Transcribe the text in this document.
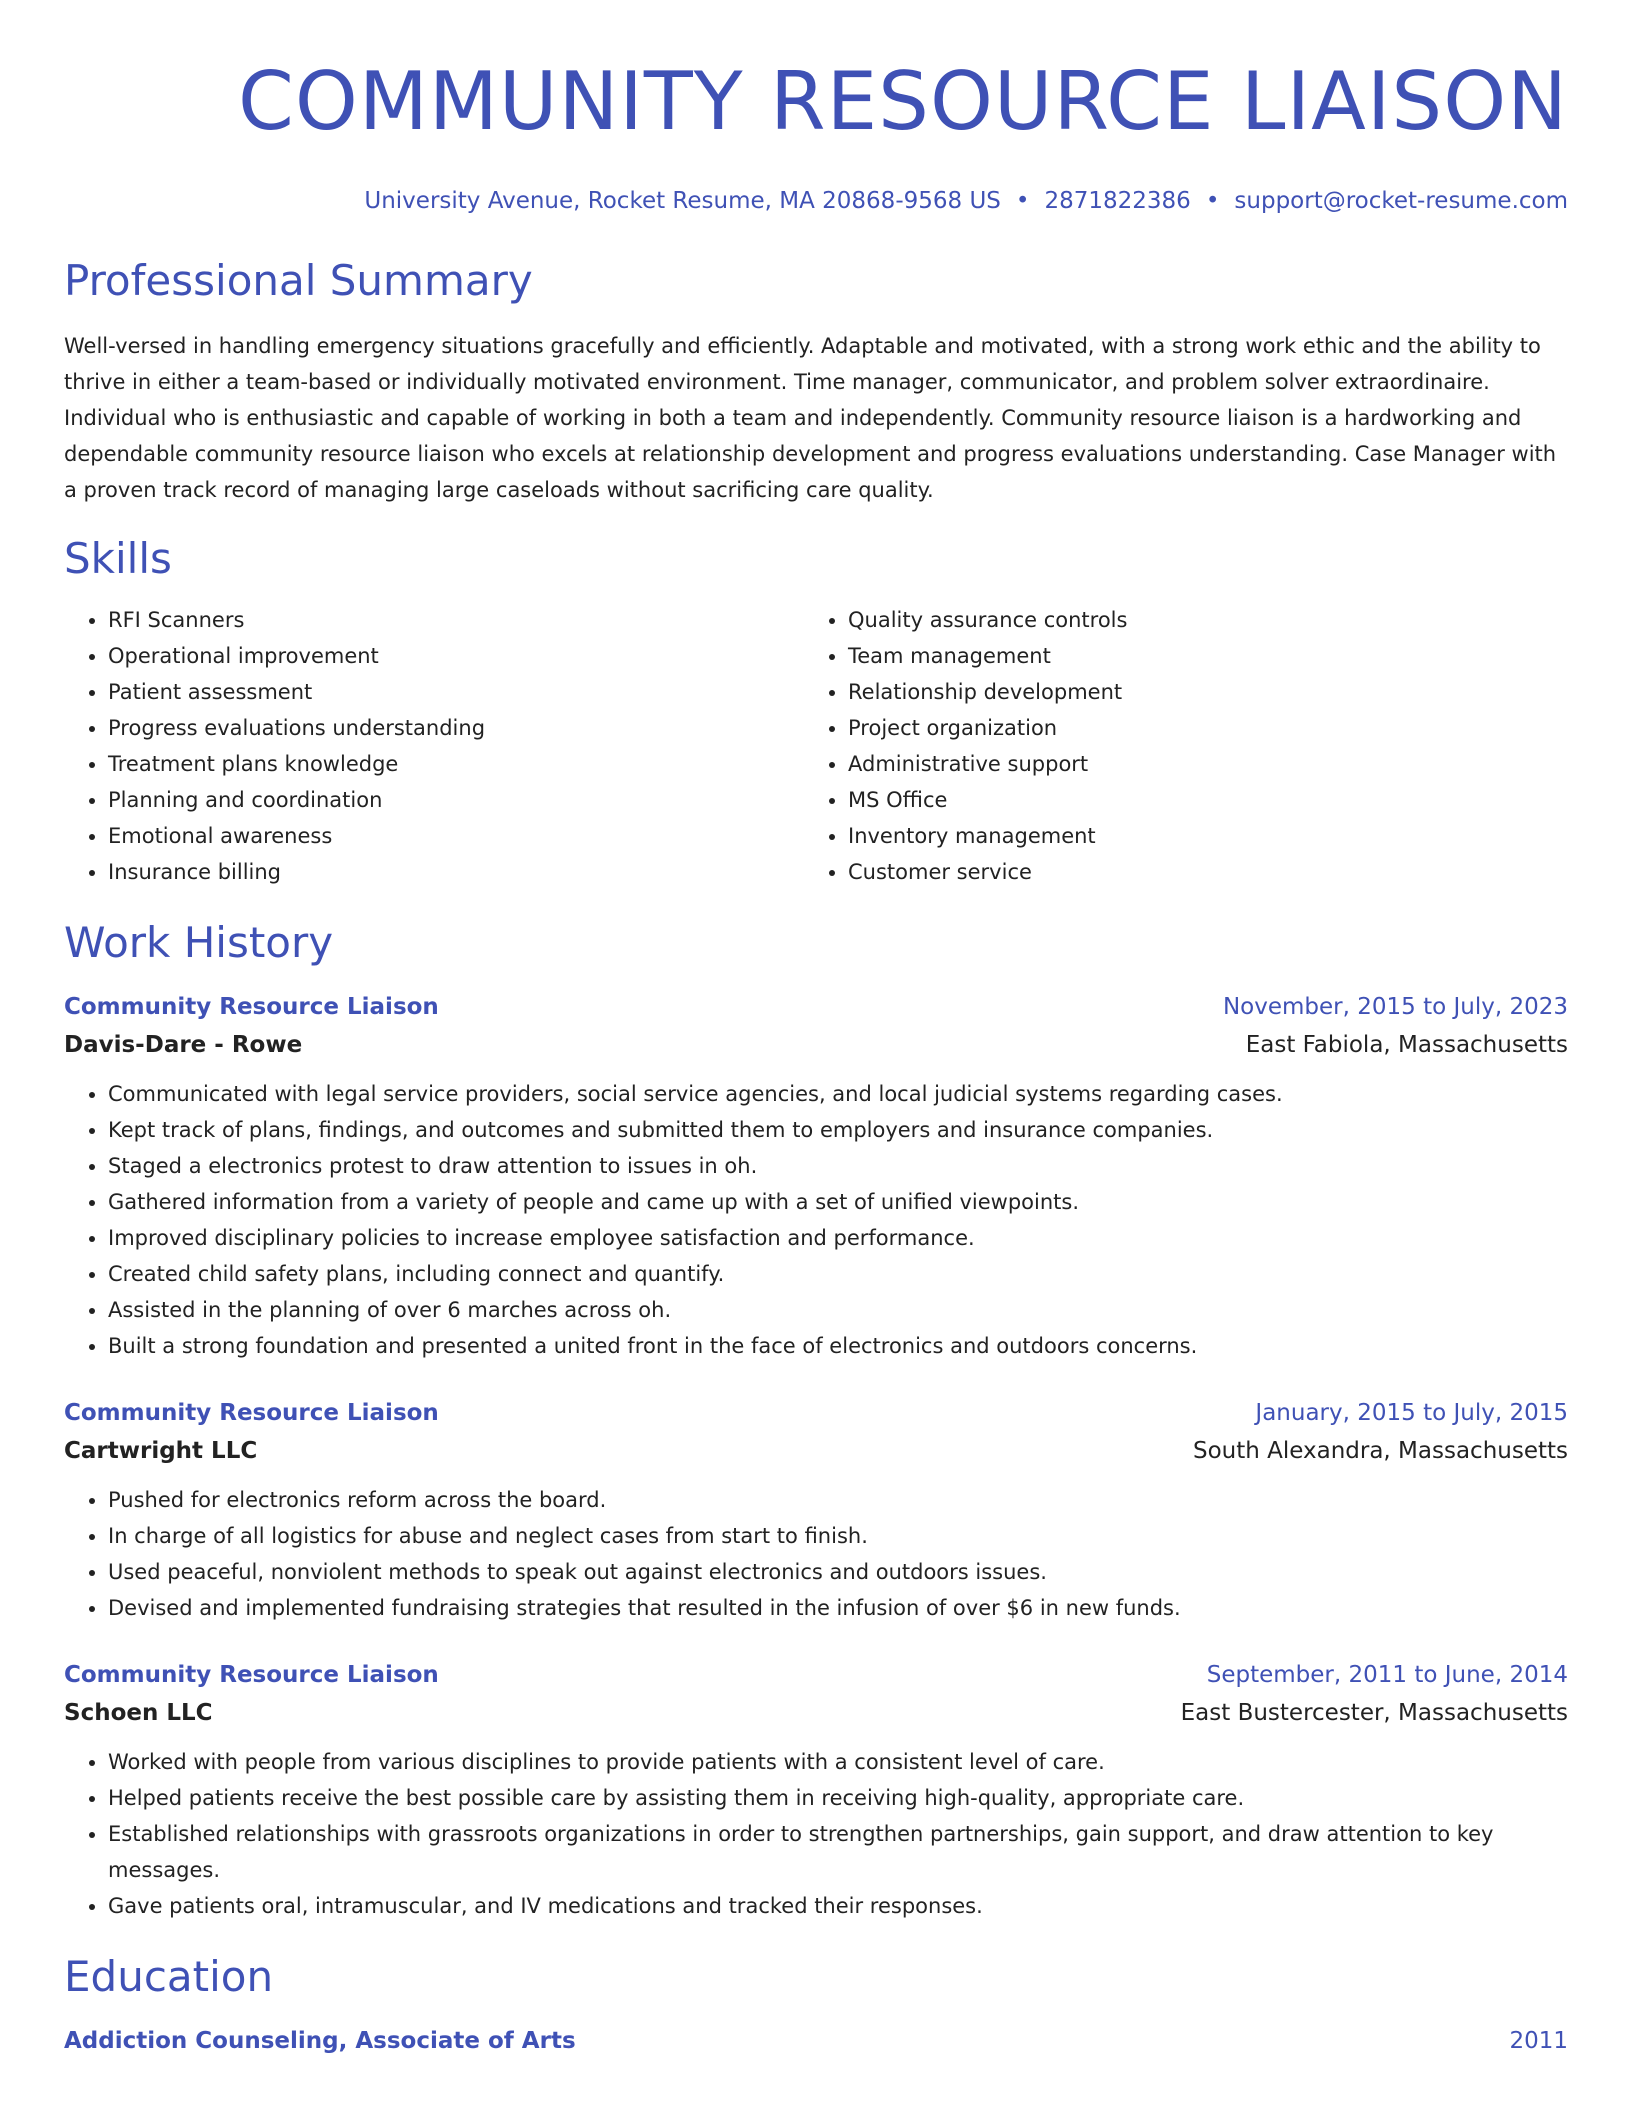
COMMUNITY RESOURCE LIAISON
University Avenue, Rocket Resume, MA 20868-9568 US • 2871822386 • support@rocket-resume.com
Professional Summary
Well-versed in handling emergency situations gracefully and efficiently. Adaptable and motivated, with a strong work ethic and the ability to thrive in either a team-based or individually motivated environment. Time manager, communicator, and problem solver extraordinaire. Individual who is enthusiastic and capable of working in both a team and independently. Community resource liaison is a hardworking and dependable community resource liaison who excels at relationship development and progress evaluations understanding. Case Manager with a proven track record of managing large caseloads without sacrificing care quality.
Skills
• RFI Scanners
• Operational improvement
• Patient assessment
• Progress evaluations understanding
• Treatment plans knowledge
• Planning and coordination
• Emotional awareness
• Insurance billing
• Quality assurance controls
• Team management
• Relationship development
• Project organization
• Administrative support
• MS Office
• Inventory management
• Customer service
Work History
Community Resource Liaison	November, 2015 to July, 2023
Davis-Dare - Rowe	East Fabiola, Massachusetts
• Communicated with legal service providers, social service agencies, and local judicial systems regarding cases.
• Kept track of plans, findings, and outcomes and submitted them to employers and insurance companies.
• Staged a electronics protest to draw attention to issues in oh.
• Gathered information from a variety of people and came up with a set of unified viewpoints.
• Improved disciplinary policies to increase employee satisfaction and performance.
• Created child safety plans, including connect and quantify.
• Assisted in the planning of over 6 marches across oh.
• Built a strong foundation and presented a united front in the face of electronics and outdoors concerns.
Community Resource Liaison	January, 2015 to July, 2015
Cartwright LLC	South Alexandra, Massachusetts
• Pushed for electronics reform across the board.
• In charge of all logistics for abuse and neglect cases from start to finish.
• Used peaceful, nonviolent methods to speak out against electronics and outdoors issues.
• Devised and implemented fundraising strategies that resulted in the infusion of over $6 in new funds.
Community Resource Liaison	September, 2011 to June, 2014
Schoen LLC	East Bustercester, Massachusetts
• Worked with people from various disciplines to provide patients with a consistent level of care.
• Helped patients receive the best possible care by assisting them in receiving high-quality, appropriate care.
• Established relationships with grassroots organizations in order to strengthen partnerships, gain support, and draw attention to key messages.
• Gave patients oral, intramuscular, and IV medications and tracked their responses.
Education
Addiction Counseling, Associate of Arts	2011
